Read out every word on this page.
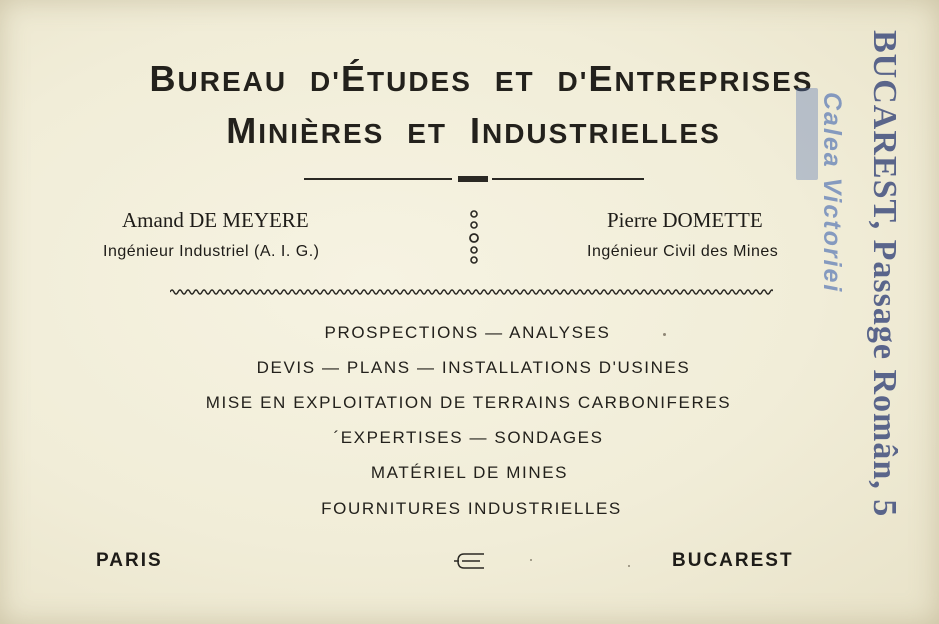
BUREAU D'ÉTUDES ET D'ENTREPRISES
MINIÈRES ET INDUSTRIELLES
Amand DE MEYERE
Ingénieur Industriel (A. I. G.)
Pierre DOMETTE
Ingénieur Civil des Mines
PROSPECTIONS — ANALYSES
DEVIS — PLANS — INSTALLATIONS D'USINES
MISE EN EXPLOITATION DE TERRAINS CARBONIFERES
´EXPERTISES — SONDAGES
MATÉRIEL DE MINES
FOURNITURES INDUSTRIELLES
PARIS	BUCAREST
Calea Victoriei BUCAREST, Passage Român, 5
